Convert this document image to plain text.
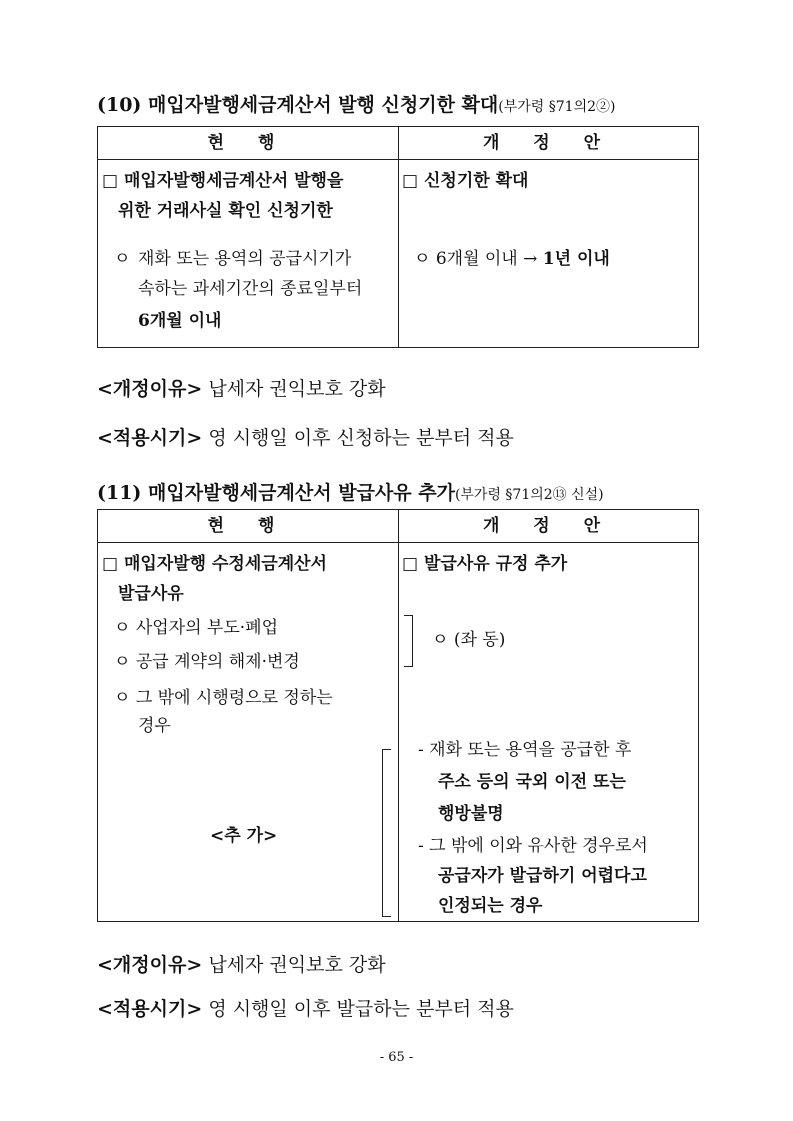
(10) 매입자발행세금계산서 발행 신청기한 확대(부가령 §71의2②)
현 행	개 정 안
□ 매입자발행세금계산서 발행을
위한 거래사실 확인 신청기한
ㅇ 재화 또는 용역의 공급시기가
속하는 과세기간의 종료일부터
6개월 이내
□ 신청기한 확대
ㅇ 6개월 이내 → 1년 이내
<개정이유> 납세자 권익보호 강화
<적용시기> 영 시행일 이후 신청하는 분부터 적용
(11) 매입자발행세금계산서 발급사유 추가(부가령 §71의2⑬ 신설)
현 행	개 정 안
□ 매입자발행 수정세금계산서
발급사유
ㅇ 사업자의 부도·폐업
ㅇ 공급 계약의 해제·변경
ㅇ 그 밖에 시행령으로 정하는
경우
<추 가>
□ 발급사유 규정 추가
ㅇ (좌 동)
- 재화 또는 용역을 공급한 후
주소 등의 국외 이전 또는
행방불명
- 그 밖에 이와 유사한 경우로서
공급자가 발급하기 어렵다고
인정되는 경우
<개정이유> 납세자 권익보호 강화
<적용시기> 영 시행일 이후 발급하는 분부터 적용
- 65 -
